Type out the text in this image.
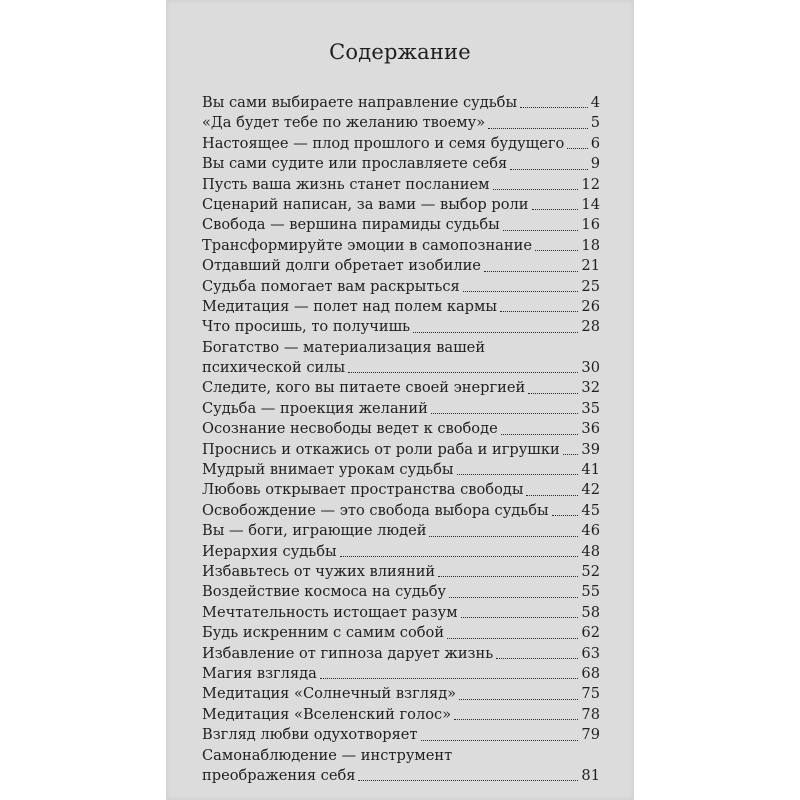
Содержание
Вы сами выбираете направление судьбы	4
«Да будет тебе по желанию твоему»	5
Настоящее — плод прошлого и семя будущего 6
Вы сами судите или прославляете себя	9
Пусть ваша жизнь станет посланием	12
Сценарий написан, за вами — выбор роли	14
Свобода — вершина пирамиды судьбы	16
Трансформируйте эмоции в самопознание	18
Отдавший долги обретает изобилие	21
Судьба помогает вам раскрыться	25
Медитация — полет над полем кармы	26
Что просишь, то получишь	28
Богатство — материализация вашей
психической силы	30
Следите, кого вы питаете своей энергией	32
Судьба — проекция желаний	35
Осознание несвободы ведет к свободе	36
Проснись и откажись от роли раба и игрушки 39
Мудрый внимает урокам судьбы	41
Любовь открывает пространства свободы	42
Освобождение — это свобода выбора судьбы 45
Вы — боги, играющие людей	46
Иерархия судьбы	48
Избавьтесь от чужих влияний	52
Воздействие космоса на судьбу	55
Мечтательность истощает разум	58
Будь искренним с самим собой	62
Избавление от гипноза дарует жизнь	63
Магия взгляда	68
Медитация «Солнечный взгляд»	75
Медитация «Вселенский голос»	78
Взгляд любви одухотворяет	79
Самонаблюдение — инструмент
преображения себя	81
